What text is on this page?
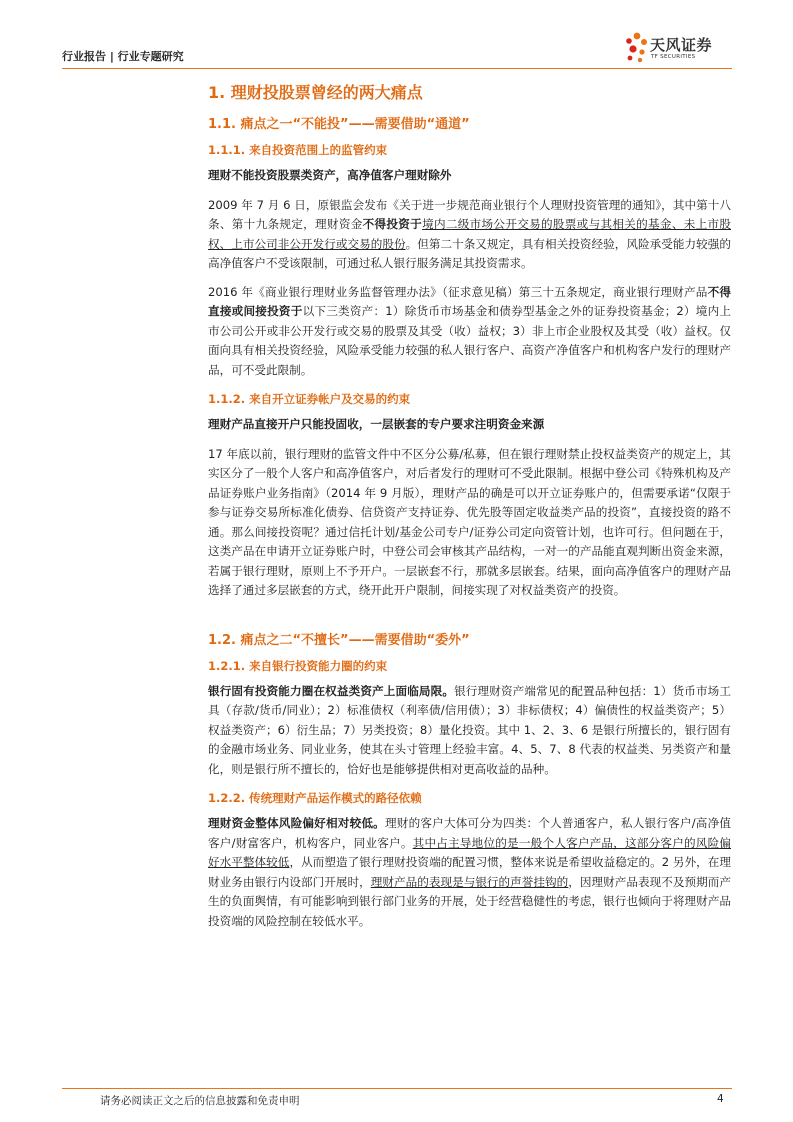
行业报告 | 行业专题研究
天风证券
TF SECURITIES
1. 理财投股票曾经的两大痛点
1.1. 痛点之一“不能投”——需要借助“通道”
1.1.1. 来自投资范围上的监管约束
理财不能投资股票类资产，高净值客户理财除外

2009 年 7 月 6 日，原银监会发布《关于进一步规范商业银行个人理财投资管理的通知》，其中第十八条、第十九条规定，理财资金不得投资于境内二级市场公开交易的股票或与其相关的基金、未上市股权、上市公司非公开发行或交易的股份。但第二十条又规定，具有相关投资经验，风险承受能力较强的高净值客户不受该限制，可通过私人银行服务满足其投资需求。

2016 年《商业银行理财业务监督管理办法》（征求意见稿）第三十五条规定，商业银行理财产品不得直接或间接投资于以下三类资产：1）除货币市场基金和债券型基金之外的证券投资基金；2）境内上市公司公开或非公开发行或交易的股票及其受（收）益权；3）非上市企业股权及其受（收）益权。仅面向具有相关投资经验，风险承受能力较强的私人银行客户、高资产净值客户和机构客户发行的理财产品，可不受此限制。

1.1.2. 来自开立证券帐户及交易的约束
理财产品直接开户只能投固收，一层嵌套的专户要求注明资金来源

17 年底以前，银行理财的监管文件中不区分公募/私募，但在银行理财禁止投权益类资产的规定上，其实区分了一般个人客户和高净值客户，对后者发行的理财可不受此限制。根据中登公司《特殊机构及产品证券账户业务指南》（2014 年 9 月版），理财产品的确是可以开立证券账户的，但需要承诺“仅限于参与证券交易所标准化债券、信贷资产支持证券、优先股等固定收益类产品的投资”，直接投资的路不通。那么间接投资呢？通过信托计划/基金公司专户/证券公司定向资管计划，也许可行。但问题在于，这类产品在申请开立证券账户时，中登公司会审核其产品结构，一对一的产品能直观判断出资金来源，若属于银行理财，原则上不予开户。一层嵌套不行，那就多层嵌套。结果，面向高净值客户的理财产品选择了通过多层嵌套的方式，绕开此开户限制，间接实现了对权益类资产的投资。

1.2. 痛点之二“不擅长”——需要借助“委外”
1.2.1. 来自银行投资能力圈的约束

银行固有投资能力圈在权益类资产上面临局限。银行理财资产端常见的配置品种包括：1）货币市场工具（存款/货币/同业）；2）标准债权（利率债/信用债）；3）非标债权；4）偏债性的权益类资产；5）权益类资产；6）衍生品；7）另类投资；8）量化投资。其中 1、2、3、6 是银行所擅长的，银行固有的金融市场业务、同业业务，使其在头寸管理上经验丰富。4、5、7、8 代表的权益类、另类资产和量化，则是银行所不擅长的，恰好也是能够提供相对更高收益的品种。

1.2.2. 传统理财产品运作模式的路径依赖

理财资金整体风险偏好相对较低。理财的客户大体可分为四类：个人普通客户，私人银行客户/高净值客户/财富客户，机构客户，同业客户。其中占主导地位的是一般个人客户产品，这部分客户的风险偏好水平整体较低，从而塑造了银行理财投资端的配置习惯，整体来说是希望收益稳定的。2 另外，在理财业务由银行内设部门开展时，理财产品的表现是与银行的声誉挂钩的，因理财产品表现不及预期而产生的负面舆情，有可能影响到银行部门业务的开展，处于经营稳健性的考虑，银行也倾向于将理财产品投资端的风险控制在较低水平。

请务必阅读正文之后的信息披露和免责申明	4
